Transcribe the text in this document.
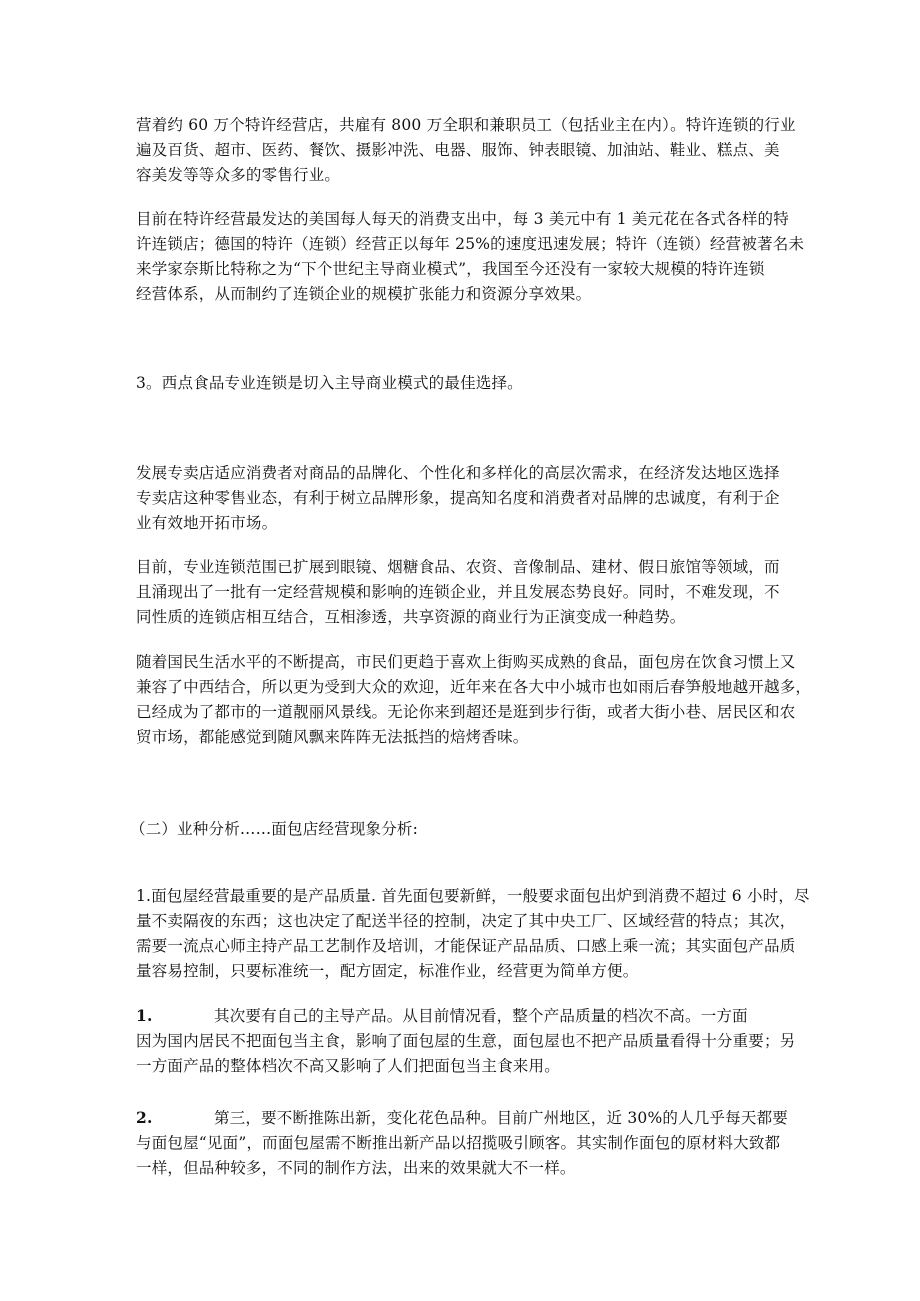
营着约 60 万个特许经营店，共雇有 800 万全职和兼职员工（包括业主在内）。特许连锁的行业
遍及百货、超市、医药、餐饮、摄影冲洗、电器、服饰、钟表眼镜、加油站、鞋业、糕点、美
容美发等等众多的零售行业。

目前在特许经营最发达的美国每人每天的消费支出中，每 3 美元中有 1 美元花在各式各样的特
许连锁店；德国的特许（连锁）经营正以每年 25%的速度迅速发展；特许（连锁）经营被著名未
来学家奈斯比特称之为“下个世纪主导商业模式”，我国至今还没有一家较大规模的特许连锁
经营体系，从而制约了连锁企业的规模扩张能力和资源分享效果。

3。西点食品专业连锁是切入主导商业模式的最佳选择。

发展专卖店适应消费者对商品的品牌化、个性化和多样化的高层次需求，在经济发达地区选择
专卖店这种零售业态，有利于树立品牌形象，提高知名度和消费者对品牌的忠诚度，有利于企
业有效地开拓市场。

目前，专业连锁范围已扩展到眼镜、烟糖食品、农资、音像制品、建材、假日旅馆等领域，而
且涌现出了一批有一定经营规模和影响的连锁企业，并且发展态势良好。同时，不难发现，不
同性质的连锁店相互结合，互相渗透，共享资源的商业行为正演变成一种趋势。

随着国民生活水平的不断提高，市民们更趋于喜欢上街购买成熟的食品，面包房在饮食习惯上又
兼容了中西结合，所以更为受到大众的欢迎，近年来在各大中小城市也如雨后春笋般地越开越多，
已经成为了都市的一道靓丽风景线。无论你来到超还是逛到步行街，或者大街小巷、居民区和农
贸市场，都能感觉到随风飘来阵阵无法抵挡的焙烤香味。

（二）业种分析……面包店经营现象分析:

1.面包屋经营最重要的是产品质量. 首先面包要新鲜，一般要求面包出炉到消费不超过 6 小时，尽
量不卖隔夜的东西；这也决定了配送半径的控制，决定了其中央工厂、区域经营的特点；其次，
需要一流点心师主持产品工艺制作及培训，才能保证产品品质、口感上乘一流；其实面包产品质
量容易控制，只要标准统一，配方固定，标准作业，经营更为简单方便。

1.	其次要有自己的主导产品。从目前情况看，整个产品质量的档次不高。一方面
因为国内居民不把面包当主食，影响了面包屋的生意，面包屋也不把产品质量看得十分重要；另
一方面产品的整体档次不高又影响了人们把面包当主食来用。

2.	第三，要不断推陈出新，变化花色品种。目前广州地区，近 30%的人几乎每天都要
与面包屋“见面”，而面包屋需不断推出新产品以招揽吸引顾客。其实制作面包的原材料大致都
一样，但品种较多，不同的制作方法，出来的效果就大不一样。
